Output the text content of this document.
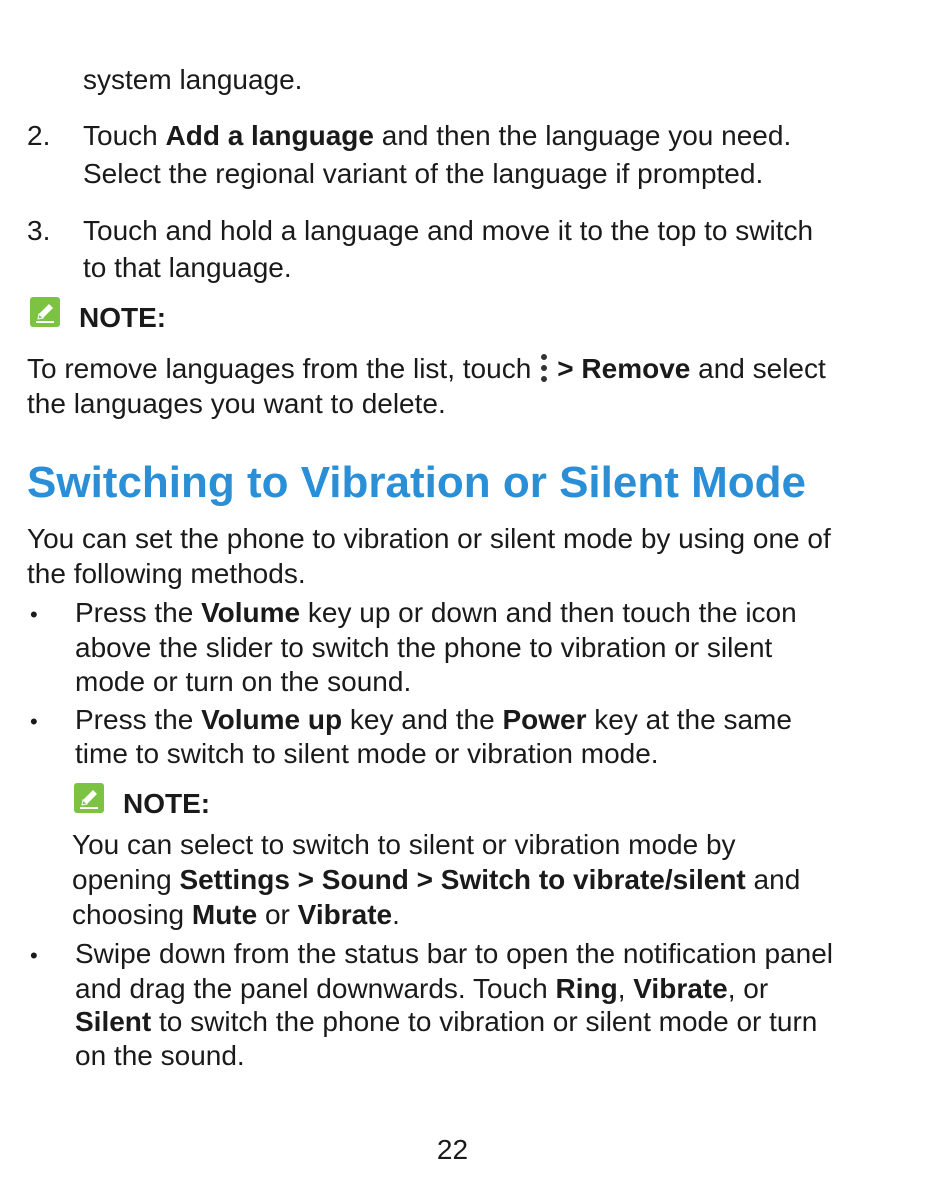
system language.
2. Touch Add a language and then the language you need.
Select the regional variant of the language if prompted.
3. Touch and hold a language and move it to the top to switch
to that language.
NOTE:
To remove languages from the list, touch > Remove and select
the languages you want to delete.
Switching to Vibration or Silent Mode
You can set the phone to vibration or silent mode by using one of
the following methods.
• Press the Volume key up or down and then touch the icon
above the slider to switch the phone to vibration or silent
mode or turn on the sound.
• Press the Volume up key and the Power key at the same
time to switch to silent mode or vibration mode.
NOTE:
You can select to switch to silent or vibration mode by
opening Settings > Sound > Switch to vibrate/silent and
choosing Mute or Vibrate.
• Swipe down from the status bar to open the notification panel
and drag the panel downwards. Touch Ring, Vibrate, or
Silent to switch the phone to vibration or silent mode or turn
on the sound.
22
